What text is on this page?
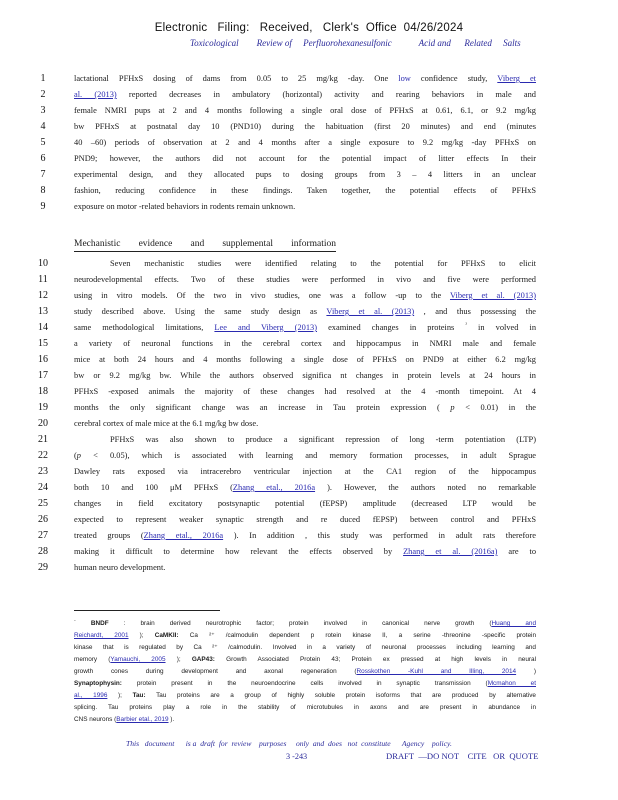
Electronic   Filing:   Received,   Clerk's  Office  04/26/2024
Toxicological        Review of     Perfluorohexanesulfonic            Acid and      Related     Salts
1
2
3
4
5
6
7
8
9
10
11
12
13
14
15
16
17
18
19
20
21
22
23
24
25
26
27
28
29
lactational PFHxS dosing of dams from 0.05 to 25 mg/kg -day. One low confidence study, Viberg et
al. (2013) reported decreases in ambulatory (horizontal) activity and rearing behaviors in male and
female NMRI pups at 2 and 4 months following a single oral dose of PFHxS at 0.61, 6.1, or 9.2 mg/kg
bw PFHxS at postnatal day 10 (PND10) during the habituation (first 20 minutes) and end (minutes
40 –60) periods of observation at 2 and 4 months after a single exposure to 9.2 mg/kg -day PFHxS on
PND9; however, the authors did not account for the potential impact of litter effects In their
experimental design, and they allocated pups to dosing groups from 3 – 4 litters in an unclear
fashion, reducing confidence in these findings. Taken together, the potential effects of PFHxS
exposure on motor -related behaviors in rodents remain unknown.
Mechanistic evidence and supplemental information
Seven mechanistic studies were identified relating to the potential for PFHxS to elicit
neurodevelopmental effects. Two of these studies were performed in vivo and five were performed
using in vitro models. Of the two in vivo studies, one was a follow -up to the Viberg et al. (2013)
study described above. Using the same study design as Viberg et al. (2013) , and thus possessing the
same methodological limitations, Lee and Viberg (2013) examined changes in proteins $^{^2}$ in volved in
a variety of neuronal functions in the cerebral cortex and hippocampus in NMRI male and female
mice at both 24 hours and 4 months following a single dose of PFHxS on PND9 at either 6.2 mg/kg
bw or 9.2 mg/kg bw. While the authors observed significa nt changes in protein levels at 24 hours in
PFHxS -exposed animals the majority of these changes had resolved at the 4 -month timepoint. At 4
months the only significant change was an increase in Tau protein expression ( p < 0.01) in the
cerebral cortex of male mice at the 6.1 mg/kg bw dose.
PFHxS was also shown to produce a significant repression of long -term potentiation (LTP)
(p < 0.05), which is associated with learning and memory formation processes, in adult Sprague
Dawley rats exposed via intracerebro ventricular injection at the CA1 region of the hippocampus
both 10 and 100 μM PFHxS (Zhang etal., 2016a ). However, the authors noted no remarkable
changes in field excitatory postsynaptic potential (fEPSP) amplitude (decreased LTP would be
expected to represent weaker synaptic strength and re duced fEPSP) between control and PFHxS
treated groups (Zhang etal., 2016a ). In addition , this study was performed in adult rats therefore
making it difficult to determine how relevant the effects observed by Zhang et al. (2016a) are to
human neuro development.
$^{^2}$ BNDF : brain derived neurotrophic factor; protein involved in canonical nerve growth (Huang and
Reichardt, 2001 ); CaMKII: Ca ²⁺ /calmodulin dependent p rotein kinase II, a serine -threonine -specific protein
kinase that is regulated by Ca ²⁺ /calmodulin. Involved in a variety of neuronal processes including learning and
memory (Yamauchi, 2005 ); GAP43: Growth Associated Protein 43; Protein ex pressed at high levels in neural
growth cones during development and axonal regeneration (Rosskothen -Kuhl and Illing, 2014 )
Synaptophysin: protein present in the neuroendocrine cells involved in synaptic transmission (Mcmahon et
al., 1996 ); Tau: Tau proteins are a group of highly soluble protein isoforms that are produced by alternative
splicing. Tau proteins play a role in the stability of microtubules in axons and are present in abundance in
CNS neurons (Barbier etal., 2019 ).
This   document      is a  draft  for  review    purposes     only  and  does   not  constitute      Agency    policy.
3 -243	DRAFT  —DO NOT    CITE   OR  QUOTE
